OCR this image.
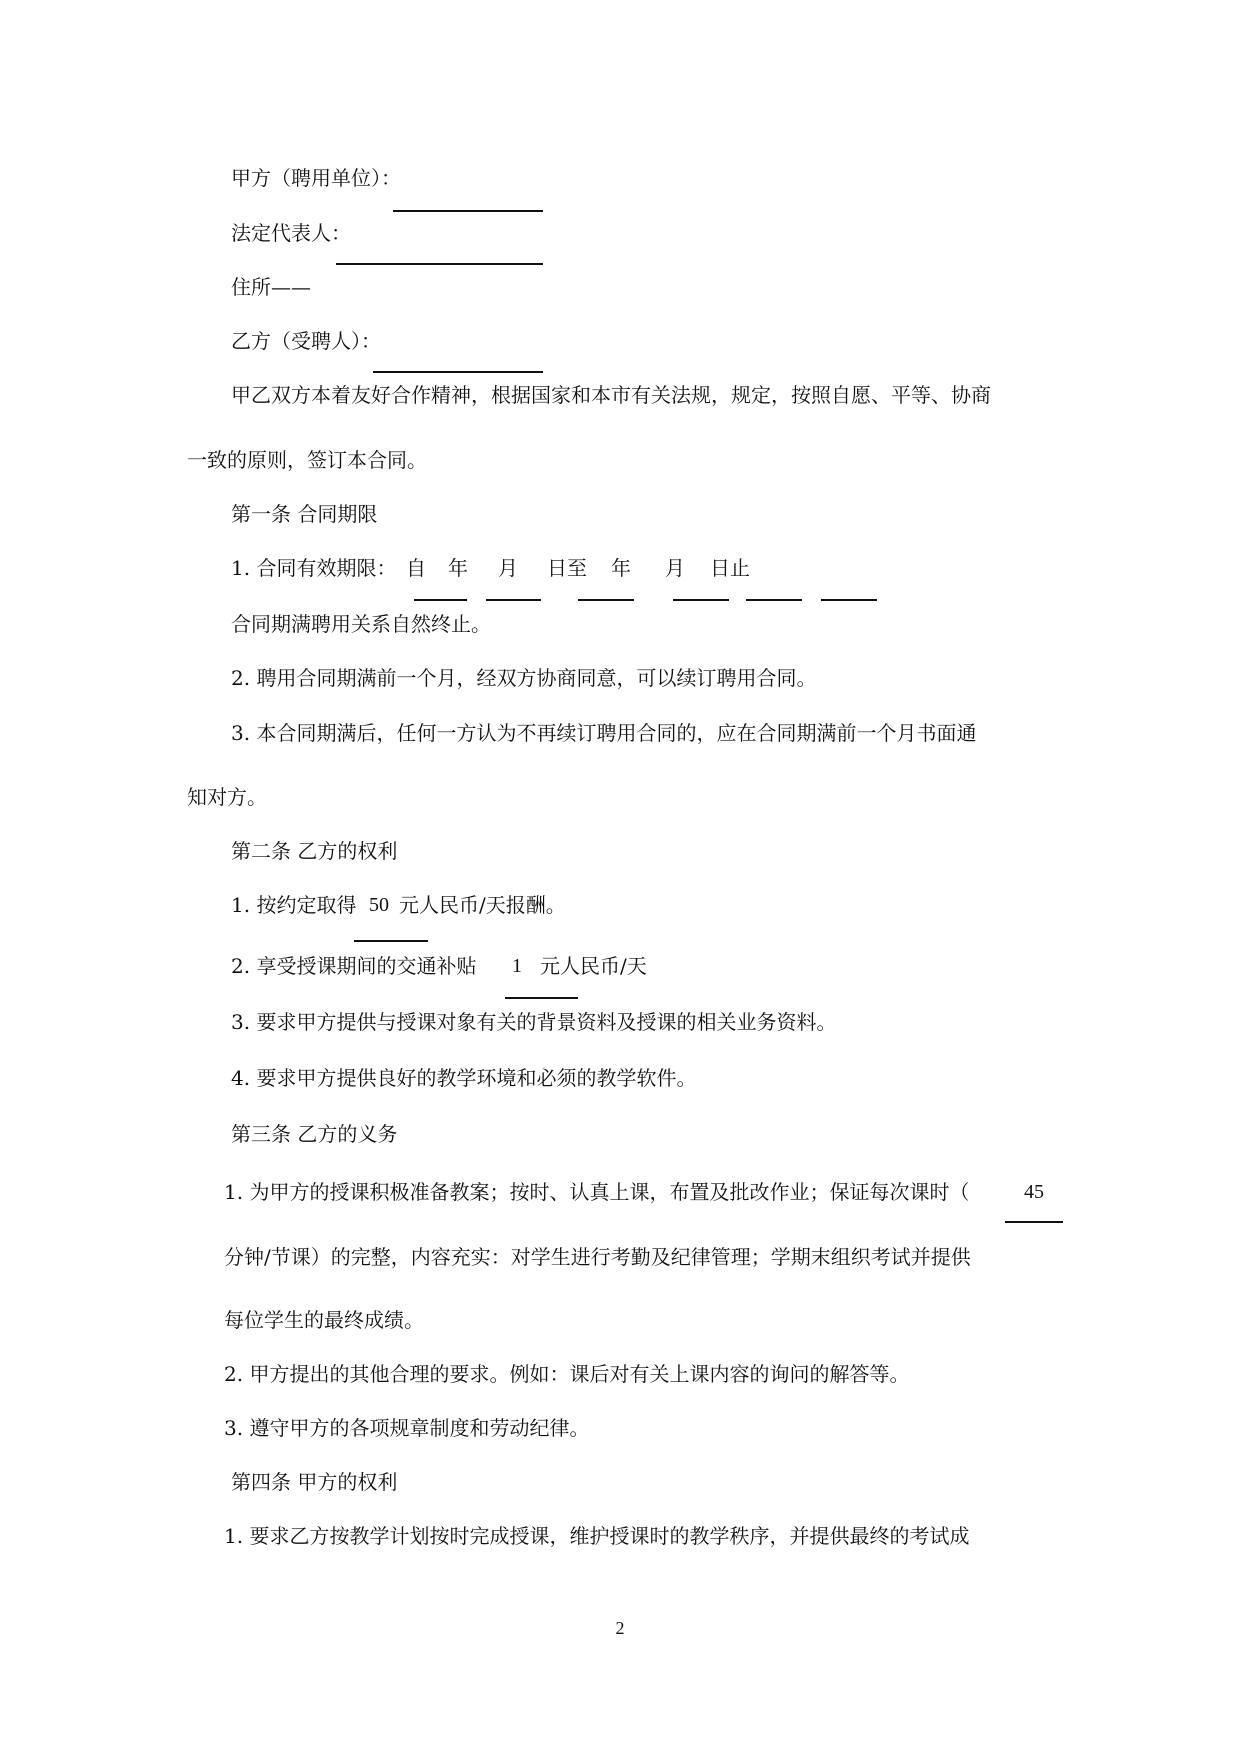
甲方（聘用单位）：
法定代表人：
住所——
乙方（受聘人）：
甲乙双方本着友好合作精神，根据国家和本市有关法规，规定，按照自愿、平等、协商
一致的原则，签订本合同。
第一条 合同期限
1. 合同有效期限： 自 年 月 日至 年 月 日止
合同期满聘用关系自然终止。
2. 聘用合同期满前一个月，经双方协商同意，可以续订聘用合同。
3. 本合同期满后，任何一方认为不再续订聘用合同的，应在合同期满前一个月书面通
知对方。
第二条 乙方的权利
1. 按约定取得 50 元人民币/天报酬。
2. 享受授课期间的交通补贴 1 元人民币/天
3. 要求甲方提供与授课对象有关的背景资料及授课的相关业务资料。
4. 要求甲方提供良好的教学环境和必须的教学软件。
第三条 乙方的义务
1. 为甲方的授课积极准备教案；按时、认真上课，布置及批改作业；保证每次课时（	45
分钟/节课）的完整，内容充实：对学生进行考勤及纪律管理；学期末组织考试并提供
每位学生的最终成绩。
2. 甲方提出的其他合理的要求。例如：课后对有关上课内容的询问的解答等。
3. 遵守甲方的各项规章制度和劳动纪律。
第四条 甲方的权利
1. 要求乙方按教学计划按时完成授课，维护授课时的教学秩序，并提供最终的考试成
2
